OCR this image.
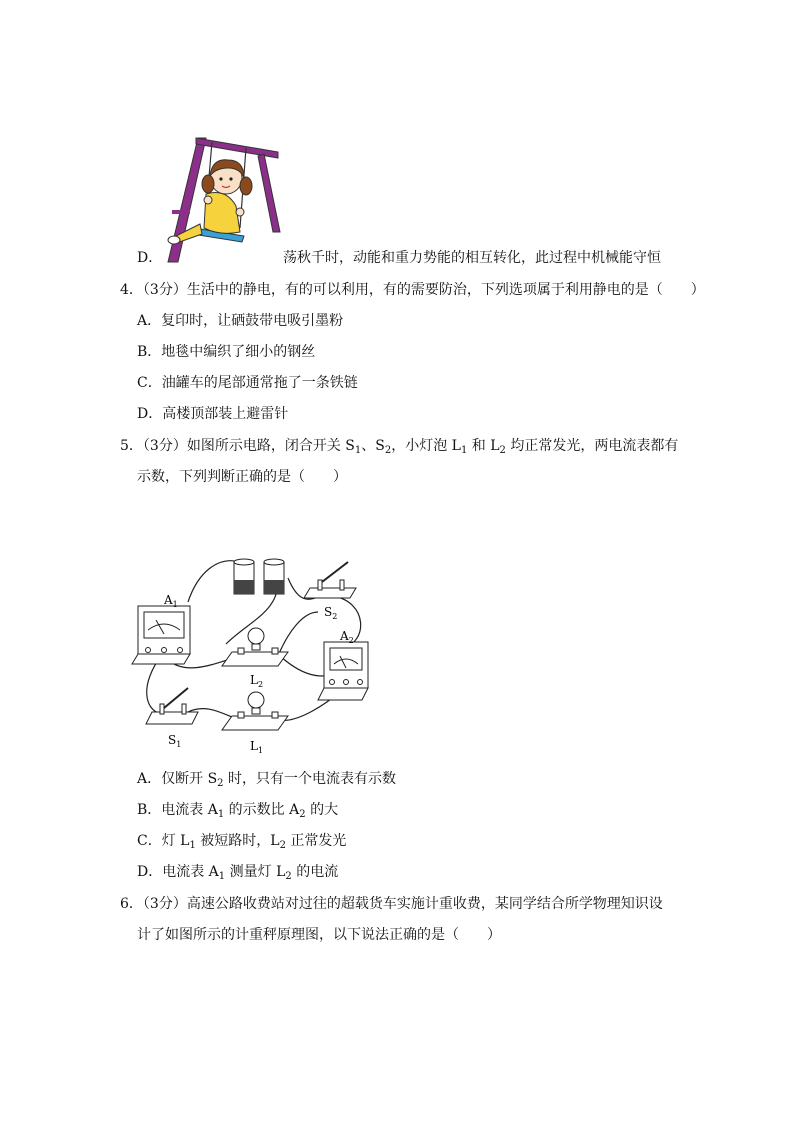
D．	荡秋千时，动能和重力势能的相互转化，此过程中机械能守恒
4．（3分）生活中的静电，有的可以利用，有的需要防治，下列选项属于利用静电的是（　　）
A．复印时，让硒鼓带电吸引墨粉
B．地毯中编织了细小的钢丝
C．油罐车的尾部通常拖了一条铁链
D．高楼顶部装上避雷针
5．（3分）如图所示电路，闭合开关 $S_1$、$S_2$，小灯泡 $L_1$ 和 $L_2$ 均正常发光，两电流表都有
示数，下列判断正确的是（　　）
$S_2$
$A_1$
$L_2$
$A_2$
$S_1$	$L_1$
A．仅断开 $S_2$ 时，只有一个电流表有示数
B．电流表 $A_1$ 的示数比 $A_2$ 的大
C．灯 $L_1$ 被短路时，$L_2$ 正常发光
D．电流表 $A_1$ 测量灯 $L_2$ 的电流
6．（3分）高速公路收费站对过往的超载货车实施计重收费，某同学结合所学物理知识设
计了如图所示的计重秤原理图，以下说法正确的是（　　）
